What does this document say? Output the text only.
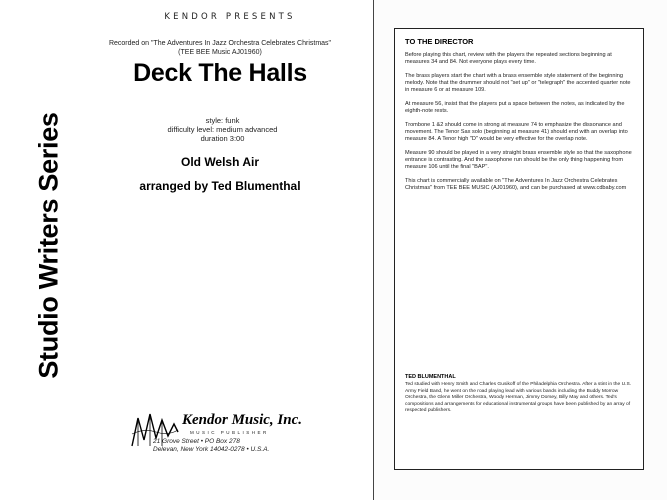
Studio Writers Series
KENDOR PRESENTS
Recorded on "The Adventures In Jazz Orchestra Celebrates Christmas"
(TEE BEE Music AJ01960)
Deck The Halls
style: funk
difficulty level: medium advanced
duration 3:00
Old Welsh Air
arranged by Ted Blumenthal
Kendor Music, Inc.
MUSIC PUBLISHER
21 Grove Street • PO Box 278
Delevan, New York 14042-0278 • U.S.A.
TO THE DIRECTOR

Before playing this chart, review with the players the repeated sections beginning at measures 34 and 84. Not everyone plays every time.

The brass players start the chart with a brass ensemble style statement of the beginning melody. Note that the drummer should not "set up" or "telegraph" the accented quarter note in measure 6 or at measure 109.

At measure 56, insist that the players put a space between the notes, as indicated by the eighth-note rests.

Trombone 1 &2 should come in strong at measure 74 to emphasize the dissonance and movement. The Tenor Sax solo (beginning at measure 41) should end with an overlap into measure 84. A Tenor high "D" would be very effective for the overlap note.

Measure 90 should be played in a very straight brass ensemble style so that the saxophone entrance is contrasting. And the saxophone run should be the only thing happening from measure 106 until the final "BAP".

This chart is commercially available on "The Adventures In Jazz Orchestra Celebrates Christmas" from TEE BEE MUSIC (AJ01960), and can be purchased at www.cdbaby.com

TED BLUMENTHAL

Ted studied with Henry Smith and Charles Gusikoff of the Philadelphia Orchestra. After a stint in the U.S. Army Field Band, he went on the road playing lead with various bands including the Buddy Morrow Orchestra, the Glenn Miller Orchestra, Woody Herman, Jimmy Dorsey, Billy May and others. Ted's compositions and arrangements for educational instrumental groups have been published by an array of respected publishers.
